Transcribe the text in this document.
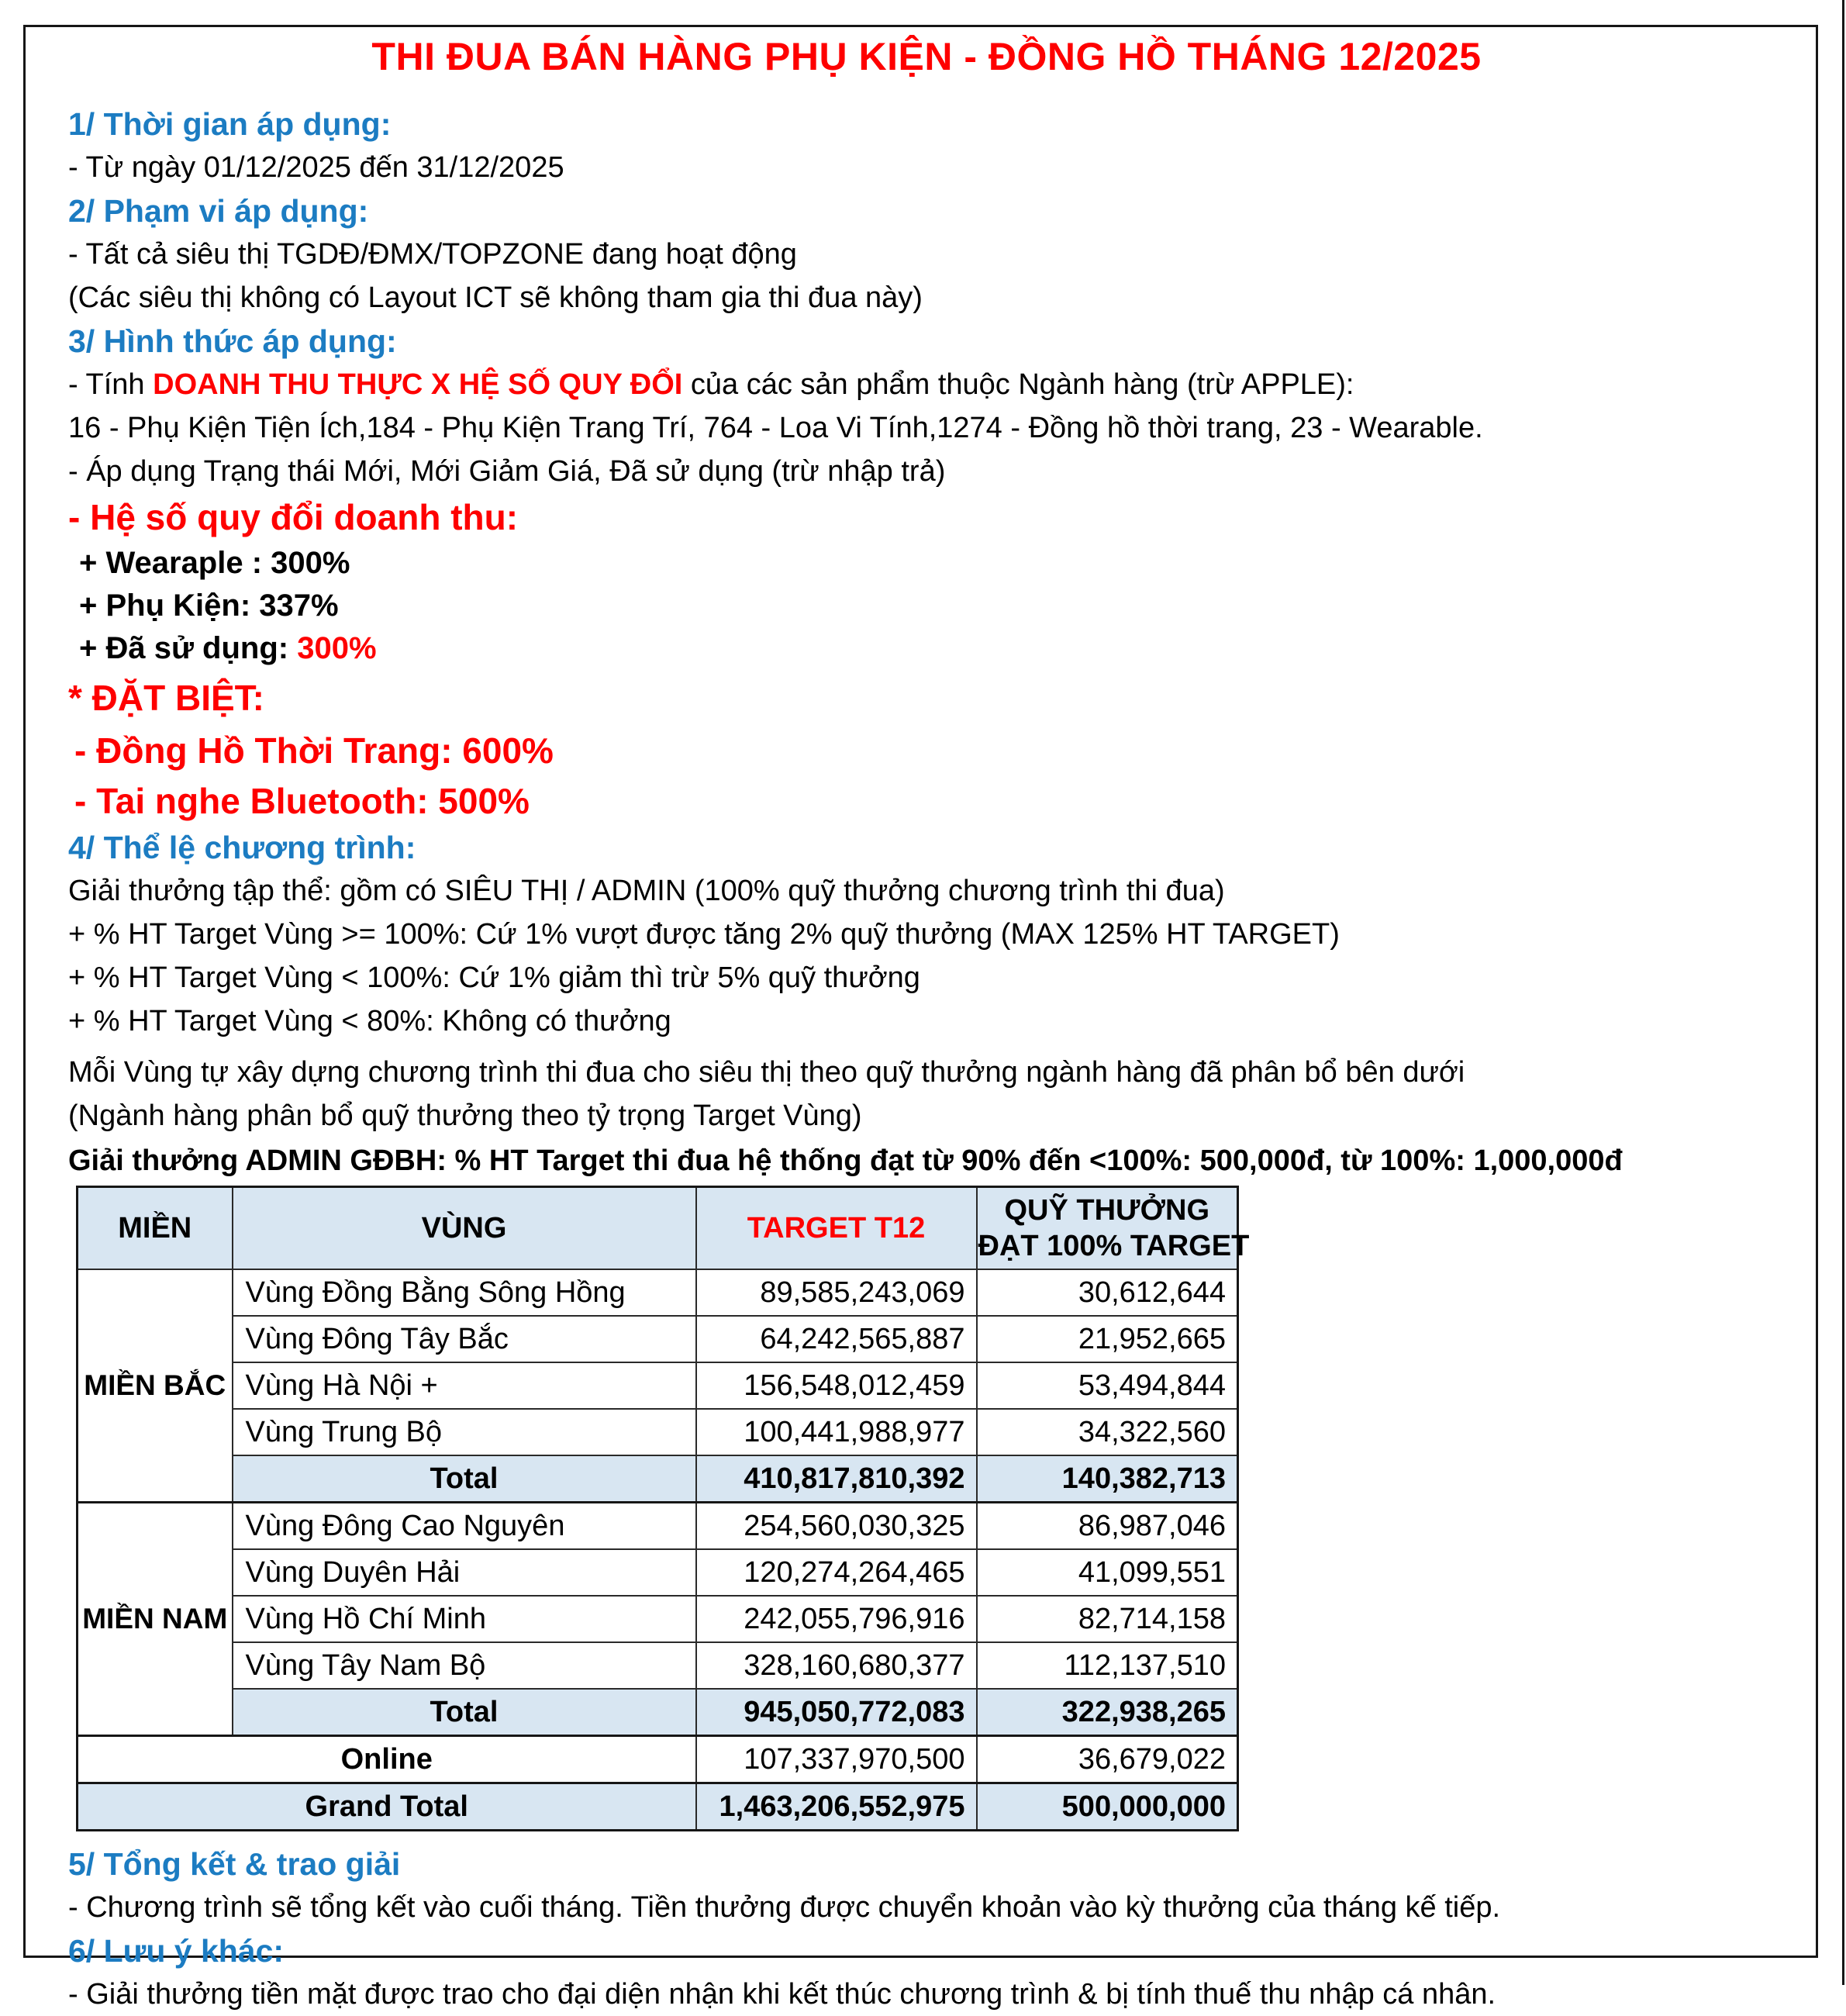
THI ĐUA BÁN HÀNG PHỤ KIỆN - ĐỒNG HỒ THÁNG 12/2025
1/ Thời gian áp dụng:
- Từ ngày 01/12/2025 đến 31/12/2025
2/ Phạm vi áp dụng:
- Tất cả siêu thị TGDĐ/ĐMX/TOPZONE đang hoạt động
(Các siêu thị không có Layout ICT sẽ không tham gia thi đua này)
3/ Hình thức áp dụng:
- Tính DOANH THU THỰC X HỆ SỐ QUY ĐỔI của các sản phẩm thuộc Ngành hàng (trừ APPLE):
16 - Phụ Kiện Tiện Ích,184 - Phụ Kiện Trang Trí, 764 - Loa Vi Tính,1274 - Đồng hồ thời trang, 23 - Wearable.
- Áp dụng Trạng thái Mới, Mới Giảm Giá, Đã sử dụng (trừ nhập trả)
- Hệ số quy đổi doanh thu:
+ Wearaple : 300%
+ Phụ Kiện: 337%
+ Đã sử dụng: 300%
* ĐẶT BIỆT:
- Đồng Hồ Thời Trang: 600%
- Tai nghe Bluetooth: 500%
4/ Thể lệ chương trình:
Giải thưởng tập thể: gồm có SIÊU THỊ / ADMIN (100% quỹ thưởng chương trình thi đua)
+ % HT Target Vùng >= 100%: Cứ 1% vượt được tăng 2% quỹ thưởng (MAX 125% HT TARGET)
+ % HT Target Vùng < 100%: Cứ 1% giảm thì trừ 5% quỹ thưởng
+ % HT Target Vùng < 80%: Không có thưởng
Mỗi Vùng tự xây dựng chương trình thi đua cho siêu thị theo quỹ thưởng ngành hàng đã phân bổ bên dưới
(Ngành hàng phân bổ quỹ thưởng theo tỷ trọng Target Vùng)
Giải thưởng ADMIN GĐBH: % HT Target thi đua hệ thống đạt từ 90% đến <100%: 500,000đ, từ 100%: 1,000,000đ
MIỀN	VÙNG	TARGET T12	QUỸ THƯỞNG
ĐẠT 100% TARGET

MIỀN BẮC	Vùng Đồng Bằng Sông Hồng	89,585,243,069	30,612,644
	Vùng Đông Tây Bắc	64,242,565,887	21,952,665
	Vùng Hà Nội +	156,548,012,459	53,494,844
	Vùng Trung Bộ	100,441,988,977	34,322,560
	Total	410,817,810,392	140,382,713
MIỀN NAM	Vùng Đông Cao Nguyên	254,560,030,325	86,987,046
	Vùng Duyên Hải	120,274,264,465	41,099,551
	Vùng Hồ Chí Minh	242,055,796,916	82,714,158
	Vùng Tây Nam Bộ	328,160,680,377	112,137,510
	Total	945,050,772,083	322,938,265
Online		107,337,970,500	36,679,022
Grand Total		1,463,206,552,975	500,000,000
5/ Tổng kết & trao giải
- Chương trình sẽ tổng kết vào cuối tháng. Tiền thưởng được chuyển khoản vào kỳ thưởng của tháng kế tiếp.
6/ Lưu ý khác:
- Giải thưởng tiền mặt được trao cho đại diện nhận khi kết thúc chương trình & bị tính thuế thu nhập cá nhân.
